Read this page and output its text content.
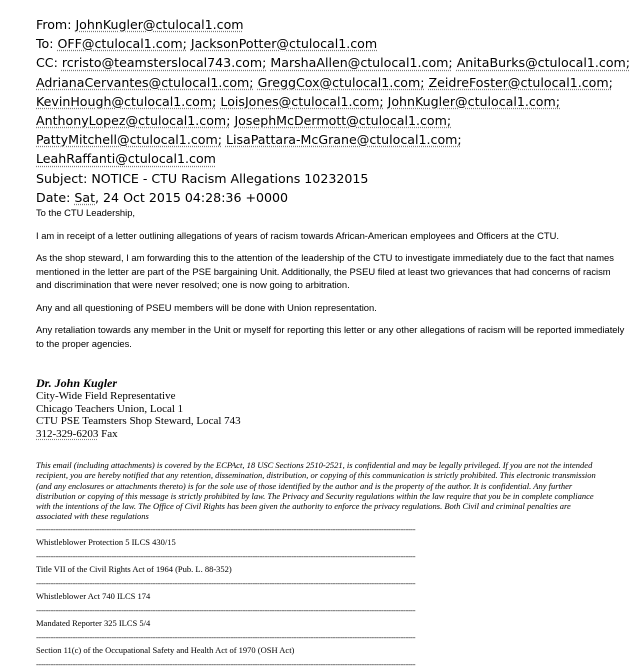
From: JohnKugler@ctulocal1.com
To: OFF@ctulocal1.com; JacksonPotter@ctulocal1.com
CC: rcristo@teamsterslocal743.com; MarshaAllen@ctulocal1.com; AnitaBurks@ctulocal1.com;
AdrianaCervantes@ctulocal1.com; GreggCox@ctulocal1.com; ZeidreFoster@ctulocal1.com;
KevinHough@ctulocal1.com; LoisJones@ctulocal1.com; JohnKugler@ctulocal1.com;
AnthonyLopez@ctulocal1.com; JosephMcDermott@ctulocal1.com;
PattyMitchell@ctulocal1.com; LisaPattara-McGrane@ctulocal1.com;
LeahRaffanti@ctulocal1.com
Subject: NOTICE - CTU Racism Allegations 10232015
Date: Sat, 24 Oct 2015 04:28:36 +0000

To the CTU Leadership,

I am in receipt of a letter outlining allegations of years of racism towards African-American employees and Officers at the CTU.

As the shop steward, I am forwarding this to the attention of the leadership of the CTU to investigate immediately due to the fact that names mentioned in the letter are part of the PSE bargaining Unit. Additionally, the PSEU filed at least two grievances that had concerns of racism and discrimination that were never resolved; one is now going to arbitration.

Any and all questioning of PSEU members will be done with Union representation.

Any retaliation towards any member in the Unit or myself for reporting this letter or any other allegations of racism will be reported immediately to the proper agencies.

Dr. John Kugler
City-Wide Field Representative
Chicago Teachers Union, Local 1
CTU PSE Teamsters Shop Steward, Local 743
312-329-6203 Fax
This email (including attachments) is covered by the ECPAct, 18 USC Sections 2510-2521, is confidential and may be legally privileged. If you are not the intended recipient, you are hereby notified that any retention, dissemination, distribution, or copying of this communication is strictly prohibited. This electronic transmission (and any enclosures or attachments thereto) is for the sole use of those identified by the author and is the property of the author. It is confidential. Any further distribution or copying of this message is strictly prohibited by law. The Privacy and Security regulations within the law require that you be in complete compliance with the intentions of the law. The Office of Civil Rights has been given the authority to enforce the privacy regulations. Both Civil and criminal penalties are associated with these regulations
------------------------------------------------------------------------------------------------------------------------------------------------------------
Whistleblower Protection 5 ILCS 430/15
------------------------------------------------------------------------------------------------------------------------------------------------------------
Title VII of the Civil Rights Act of 1964 (Pub. L. 88-352)
------------------------------------------------------------------------------------------------------------------------------------------------------------
Whistleblower Act 740 ILCS 174
------------------------------------------------------------------------------------------------------------------------------------------------------------
Mandated Reporter 325 ILCS 5/4
------------------------------------------------------------------------------------------------------------------------------------------------------------
Section 11(c) of the Occupational Safety and Health Act of 1970 (OSH Act)
------------------------------------------------------------------------------------------------------------------------------------------------------------
